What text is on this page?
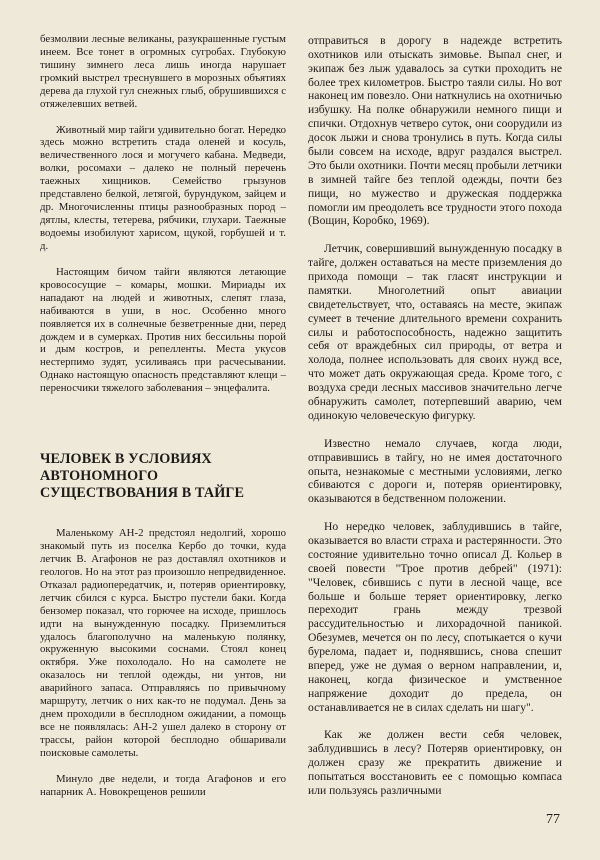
безмолвии лесные великаны, разукрашенные густым инеем. Все тонет в огромных сугробах. Глубокую тишину зимнего леса лишь иногда нарушает громкий выстрел треснувшего в морозных объятиях дерева да глухой гул снежных глыб, обрушившихся с отяжелевших ветвей.

Животный мир тайги удивительно богат. Нередко здесь можно встретить стада оленей и косуль, величественного лося и могучего кабана. Медведи, волки, росомахи – далеко не полный перечень таежных хищников. Семейство грызунов представлено белкой, летягой, бурундуком, зайцем и др. Многочисленны птицы разнообразных пород – дятлы, клесты, тетерева, рябчики, глухари. Таежные водоемы изобилуют харисом, щукой, горбушей и т. д.

Настоящим бичом тайги являются летающие кровососущие – комары, мошки. Мириады их нападают на людей и животных, слепят глаза, набиваются в уши, в нос. Особенно много появляется их в солнечные безветренные дни, перед дождем и в сумерках. Против них бессильны порой и дым костров, и репелленты. Места укусов нестерпимо зудят, усиливаясь при расчесывании. Однако настоящую опасность представляют клещи – переносчики тяжелого заболевания – энцефалита.

ЧЕЛОВЕК В УСЛОВИЯХ АВТОНОМНОГО СУЩЕСТВОВАНИЯ В ТАЙГЕ

Маленькому АН-2 предстоял недолгий, хорошо знакомый путь из поселка Кербо до точки, куда летчик В. Агафонов не раз доставлял охотников и геологов. Но на этот раз произошло непредвиденное. Отказал радиопередатчик, и, потеряв ориентировку, летчик сбился с курса. Быстро пустели баки. Когда бензомер показал, что горючее на исходе, пришлось идти на вынужденную посадку. Приземлиться удалось благополучно на маленькую полянку, окруженную высокими соснами. Стоял конец октября. Уже похолодало. Но на самолете не оказалось ни теплой одежды, ни унтов, ни аварийного запаса. Отправляясь по привычному маршруту, летчик о них как-то не подумал. День за днем проходили в бесплодном ожидании, а помощь все не появлялась: АН-2 ушел далеко в сторону от трассы, район которой бесплодно обшаривали поисковые самолеты.

Минуло две недели, и тогда Агафонов и его напарник А. Новокрещенов решили

отправиться в дорогу в надежде встретить охотников или отыскать зимовье. Выпал снег, и экипаж без лыж удавалось за сутки проходить не более трех километров. Быстро таяли силы. Но вот наконец им повезло. Они наткнулись на охотничью избушку. На полке обнаружили немного пищи и спички. Отдохнув четверо суток, они соорудили из досок лыжи и снова тронулись в путь. Когда силы были совсем на исходе, вдруг раздался выстрел. Это были охотники. Почти месяц пробыли летчики в зимней тайге без теплой одежды, почти без пищи, но мужество и дружеская поддержка помогли им преодолеть все трудности этого похода (Вощин, Коробко, 1969).

Летчик, совершивший вынужденную посадку в тайге, должен оставаться на месте приземления до прихода помощи – так гласят инструкции и памятки. Многолетний опыт авиации свидетельствует, что, оставаясь на месте, экипаж сумеет в течение длительного времени сохранить силы и работоспособность, надежно защитить себя от враждебных сил природы, от ветра и холода, полнее использовать для своих нужд все, что может дать окружающая среда. Кроме того, с воздуха среди лесных массивов значительно легче обнаружить самолет, потерпевший аварию, чем одинокую человеческую фигурку.

Известно немало случаев, когда люди, отправившись в тайгу, но не имея достаточного опыта, незнакомые с местными условиями, легко сбиваются с дороги и, потеряв ориентировку, оказываются в бедственном положении.

Но нередко человек, заблудившись в тайге, оказывается во власти страха и растерянности. Это состояние удивительно точно описал Д. Кольер в своей повести "Трое против дебрей" (1971): "Человек, сбившись с пути в лесной чаще, все больше и больше теряет ориентировку, легко переходит грань между трезвой рассудительностью и лихорадочной паникой. Обезумев, мечется он по лесу, спотыкается о кучи бурелома, падает и, поднявшись, снова спешит вперед, уже не думая о верном направлении, и, наконец, когда физическое и умственное напряжение доходит до предела, он останавливается не в силах сделать ни шагу".

Как же должен вести себя человек, заблудившись в лесу? Потеряв ориентировку, он должен сразу же прекратить движение и попытаться восстановить ее с помощью компаса или пользуясь различными

77
